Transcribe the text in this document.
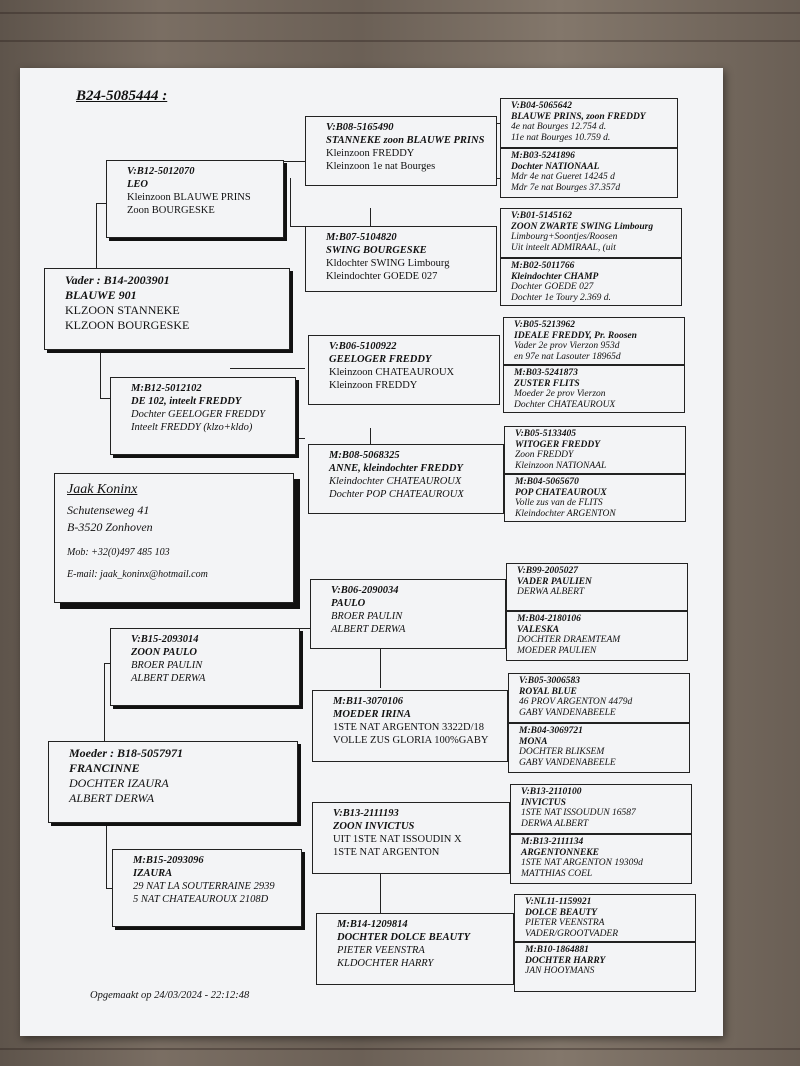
B24-5085444 :
Vader : B14-2003901
BLAUWE 901
KLZOON STANNEKE
KLZOON BOURGESKE
Moeder : B18-5057971
FRANCINNE
DOCHTER IZAURA
ALBERT DERWA
V:B12-5012070
LEO
Kleinzoon BLAUWE PRINS
Zoon BOURGESKE
M:B12-5012102
DE 102, inteelt FREDDY
Dochter GEELOGER FREDDY
Inteelt FREDDY (klzo+kldo)
V:B15-2093014
ZOON PAULO
BROER PAULIN
ALBERT DERWA
M:B15-2093096
IZAURA
29 NAT LA SOUTERRAINE 2939
5 NAT CHATEAUROUX 2108D
V:B08-5165490
STANNEKE zoon BLAUWE PRINS
Kleinzoon FREDDY
Kleinzoon 1e nat Bourges
M:B07-5104820
SWING BOURGESKE
Kldochter SWING Limbourg
Kleindochter GOEDE 027
V:B06-5100922
GEELOGER FREDDY
Kleinzoon CHATEAUROUX
Kleinzoon FREDDY
M:B08-5068325
ANNE, kleindochter FREDDY
Kleindochter CHATEAUROUX
Dochter POP CHATEAUROUX
V:B06-2090034
PAULO
BROER PAULIN
ALBERT DERWA
M:B11-3070106
MOEDER IRINA
1STE NAT ARGENTON 3322D/18
VOLLE ZUS GLORIA 100%GABY
V:B13-2111193
ZOON INVICTUS
UIT 1STE NAT ISSOUDIN X
1STE NAT ARGENTON
M:B14-1209814
DOCHTER DOLCE BEAUTY
PIETER VEENSTRA
KLDOCHTER HARRY
V:B04-5065642
BLAUWE PRINS, zoon FREDDY
4e nat Bourges 12.754 d.
11e nat Bourges 10.759 d.
M:B03-5241896
Dochter NATIONAAL
Mdr 4e nat Gueret 14245 d
Mdr 7e nat Bourges 37.357d
V:B01-5145162
ZOON ZWARTE SWING Limbourg
Limbourg+Soontjes/Roosen
Uit inteelt ADMIRAAL, (uit
M:B02-5011766
Kleindochter CHAMP
Dochter GOEDE 027
Dochter 1e Toury 2.369 d.
V:B05-5213962
IDEALE FREDDY, Pr. Roosen
Vader 2e prov Vierzon 953d
en 97e nat Lasouter 18965d
M:B03-5241873
ZUSTER FLITS
Moeder 2e prov Vierzon
Dochter CHATEAUROUX
V:B05-5133405
WITOGER FREDDY
Zoon FREDDY
Kleinzoon NATIONAAL
M:B04-5065670
POP CHATEAUROUX
Volle zus van de FLITS
Kleindochter ARGENTON
V:B99-2005027
VADER PAULIEN
DERWA ALBERT
M:B04-2180106
VALESKA
DOCHTER DRAEMTEAM
MOEDER PAULIEN
V:B05-3006583
ROYAL BLUE
46 PROV ARGENTON 4479d
GABY VANDENABEELE
M:B04-3069721
MONA
DOCHTER BLIKSEM
GABY VANDENABEELE
V:B13-2110100
INVICTUS
1STE NAT ISSOUDUN 16587
DERWA ALBERT
M:B13-2111134
ARGENTONNEKE
1STE NAT ARGENTON 19309d
MATTHIAS COEL
V:NL11-1159921
DOLCE BEAUTY
PIETER VEENSTRA
VADER/GROOTVADER
M:B10-1864881
DOCHTER HARRY
JAN HOOYMANS
Jaak Koninx
Schutenseweg 41
B-3520 Zonhoven
Mob: +32(0)497 485 103
E-mail: jaak_koninx@hotmail.com
Opgemaakt op 24/03/2024 - 22:12:48
